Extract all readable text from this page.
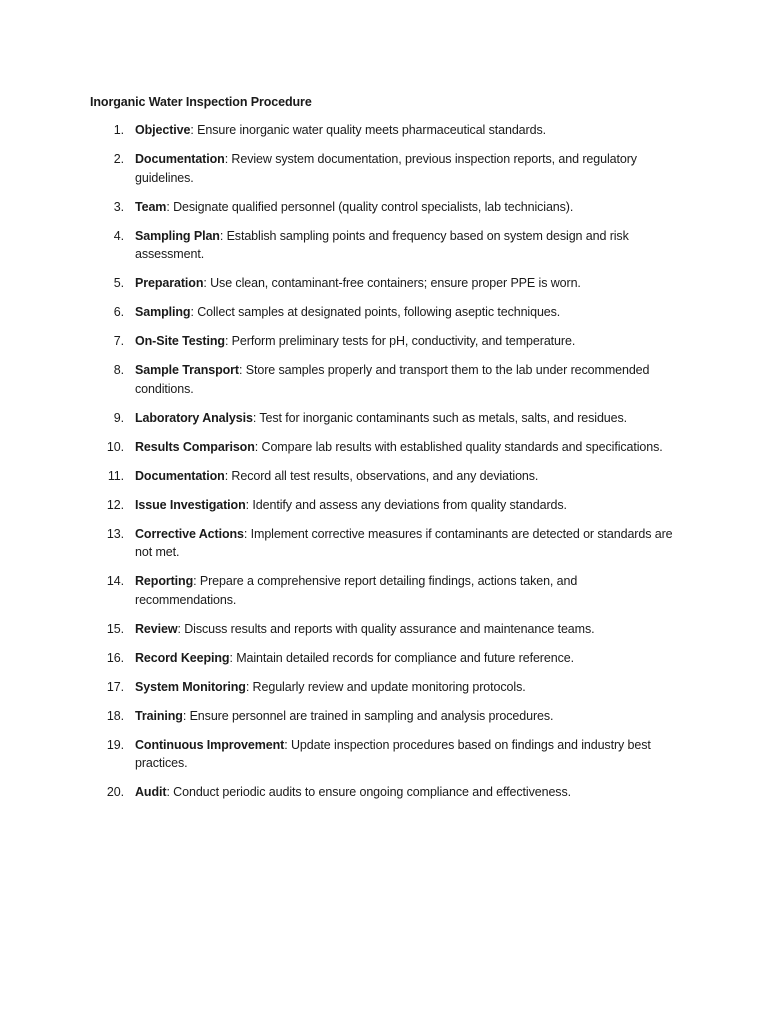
Inorganic Water Inspection Procedure
1. Objective: Ensure inorganic water quality meets pharmaceutical standards.
2. Documentation: Review system documentation, previous inspection reports, and regulatory guidelines.
3. Team: Designate qualified personnel (quality control specialists, lab technicians).
4. Sampling Plan: Establish sampling points and frequency based on system design and risk assessment.
5. Preparation: Use clean, contaminant-free containers; ensure proper PPE is worn.
6. Sampling: Collect samples at designated points, following aseptic techniques.
7. On-Site Testing: Perform preliminary tests for pH, conductivity, and temperature.
8. Sample Transport: Store samples properly and transport them to the lab under recommended conditions.
9. Laboratory Analysis: Test for inorganic contaminants such as metals, salts, and residues.
10. Results Comparison: Compare lab results with established quality standards and specifications.
11. Documentation: Record all test results, observations, and any deviations.
12. Issue Investigation: Identify and assess any deviations from quality standards.
13. Corrective Actions: Implement corrective measures if contaminants are detected or standards are not met.
14. Reporting: Prepare a comprehensive report detailing findings, actions taken, and recommendations.
15. Review: Discuss results and reports with quality assurance and maintenance teams.
16. Record Keeping: Maintain detailed records for compliance and future reference.
17. System Monitoring: Regularly review and update monitoring protocols.
18. Training: Ensure personnel are trained in sampling and analysis procedures.
19. Continuous Improvement: Update inspection procedures based on findings and industry best practices.
20. Audit: Conduct periodic audits to ensure ongoing compliance and effectiveness.
